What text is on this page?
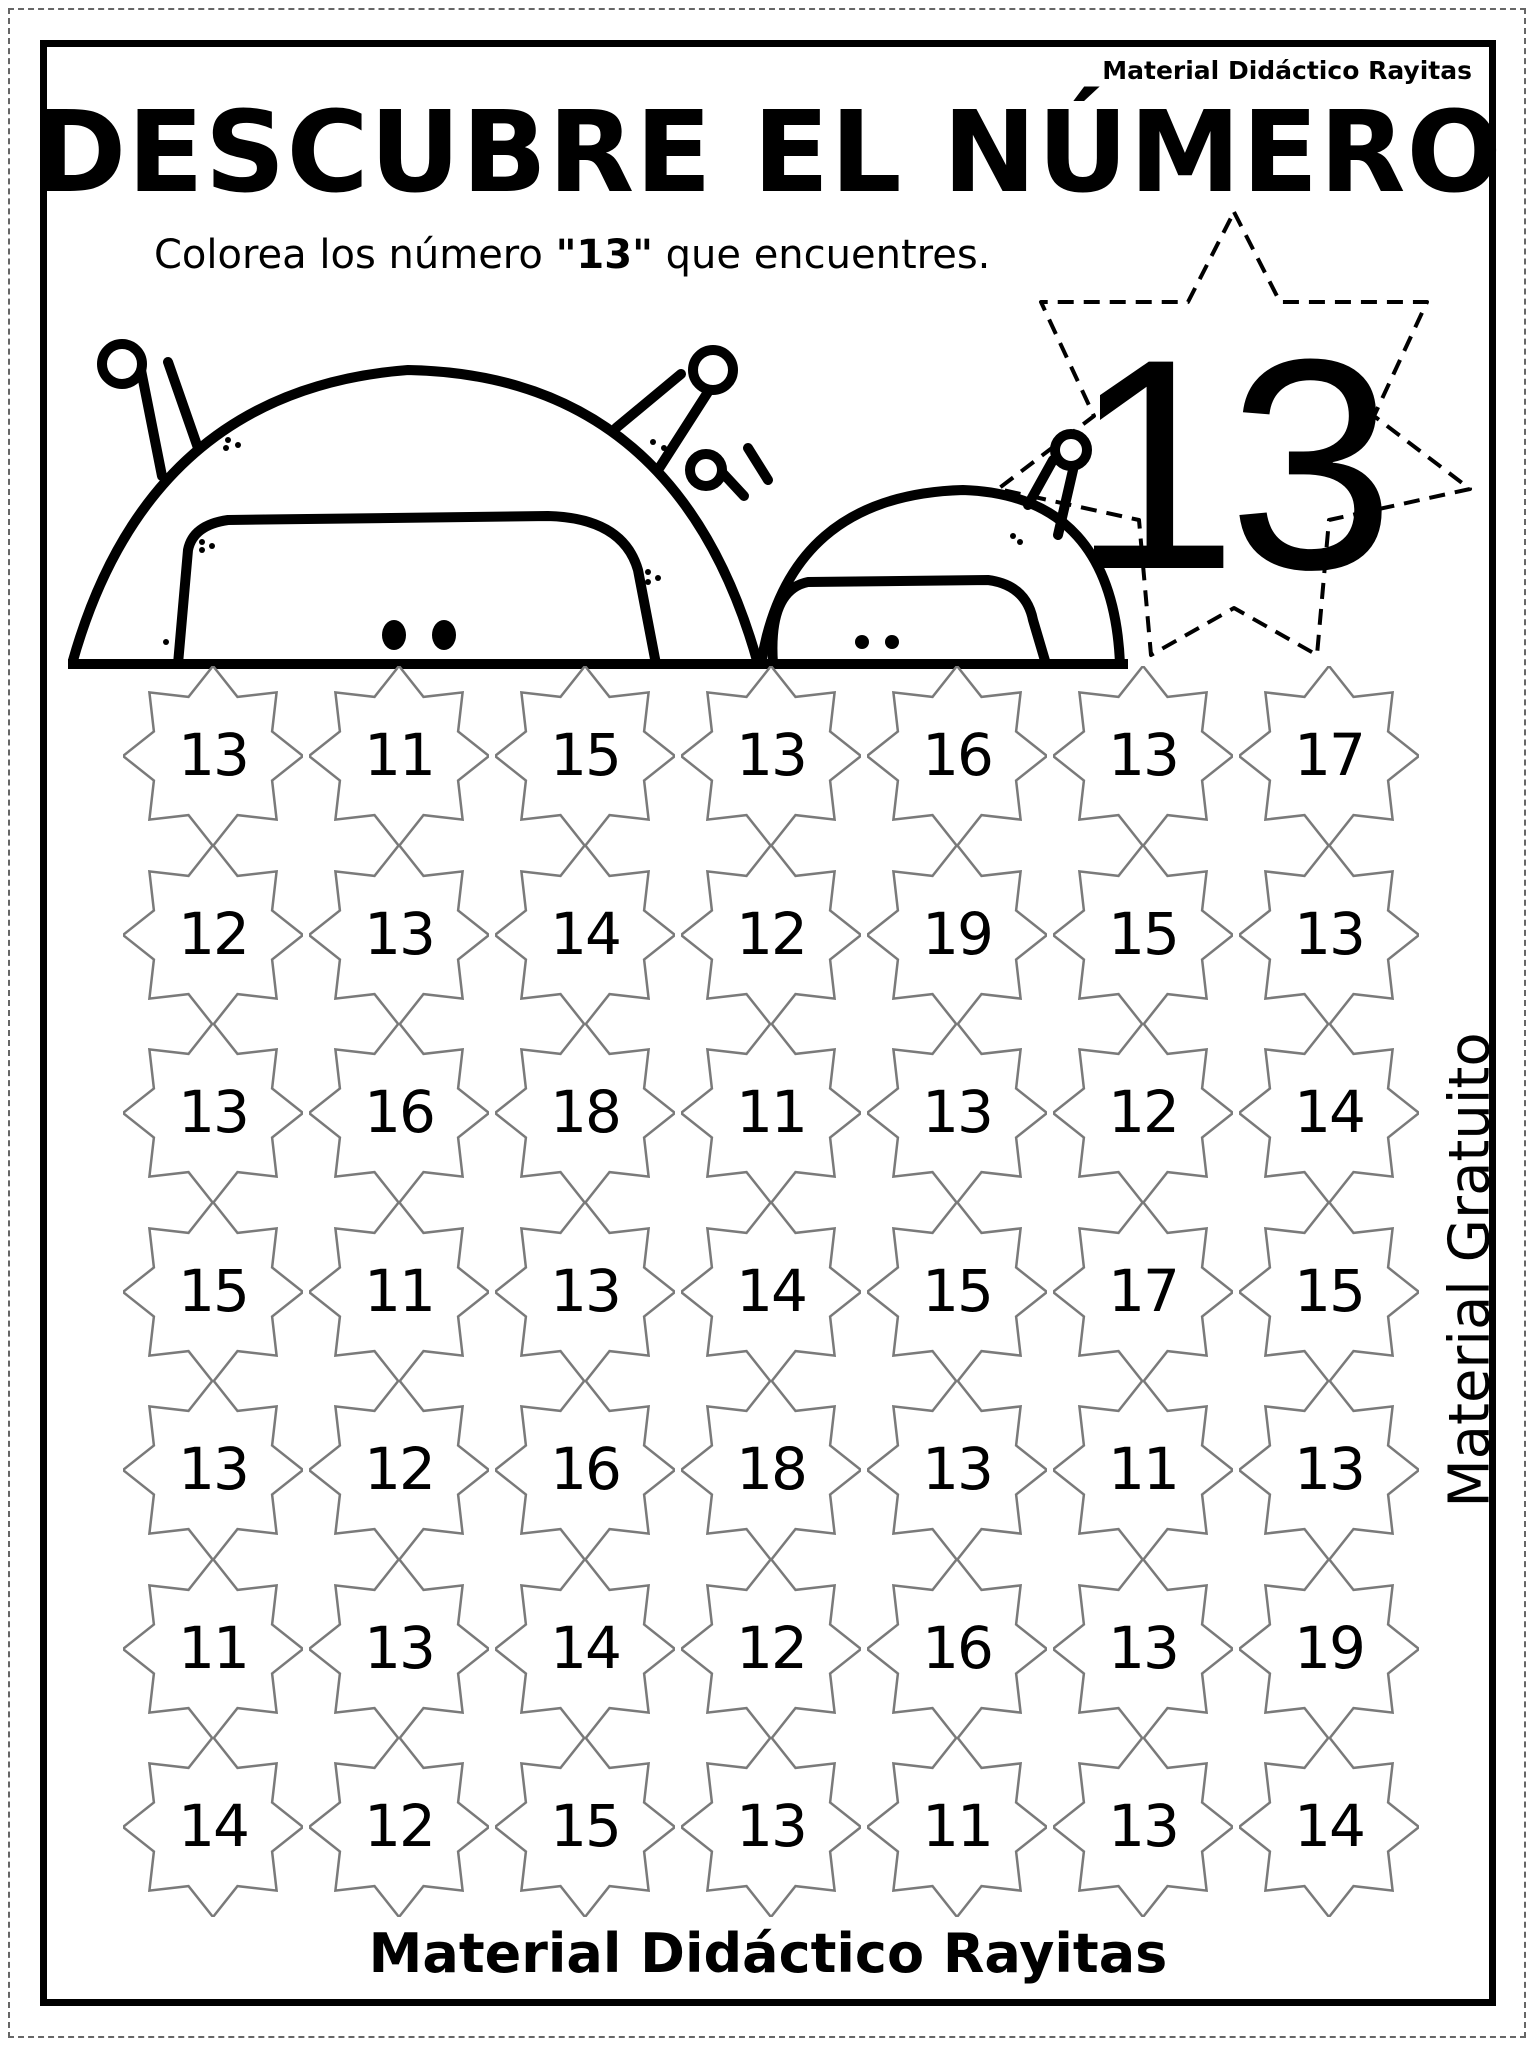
Material Didáctico Rayitas
DESCUBRE EL NÚMERO
Colorea los número "13" que encuentres.
13
13 11 15 13 16 13 17
12 13 14 12 19 15 13
13 16 18 11 13 12 14
15 11 13 14 15 17 15
13 12 16 18 13 11 13
11 13 14 12 16 13 19
14 12 15 13 11 13 14
Material Gratuito
Material Didáctico Rayitas
